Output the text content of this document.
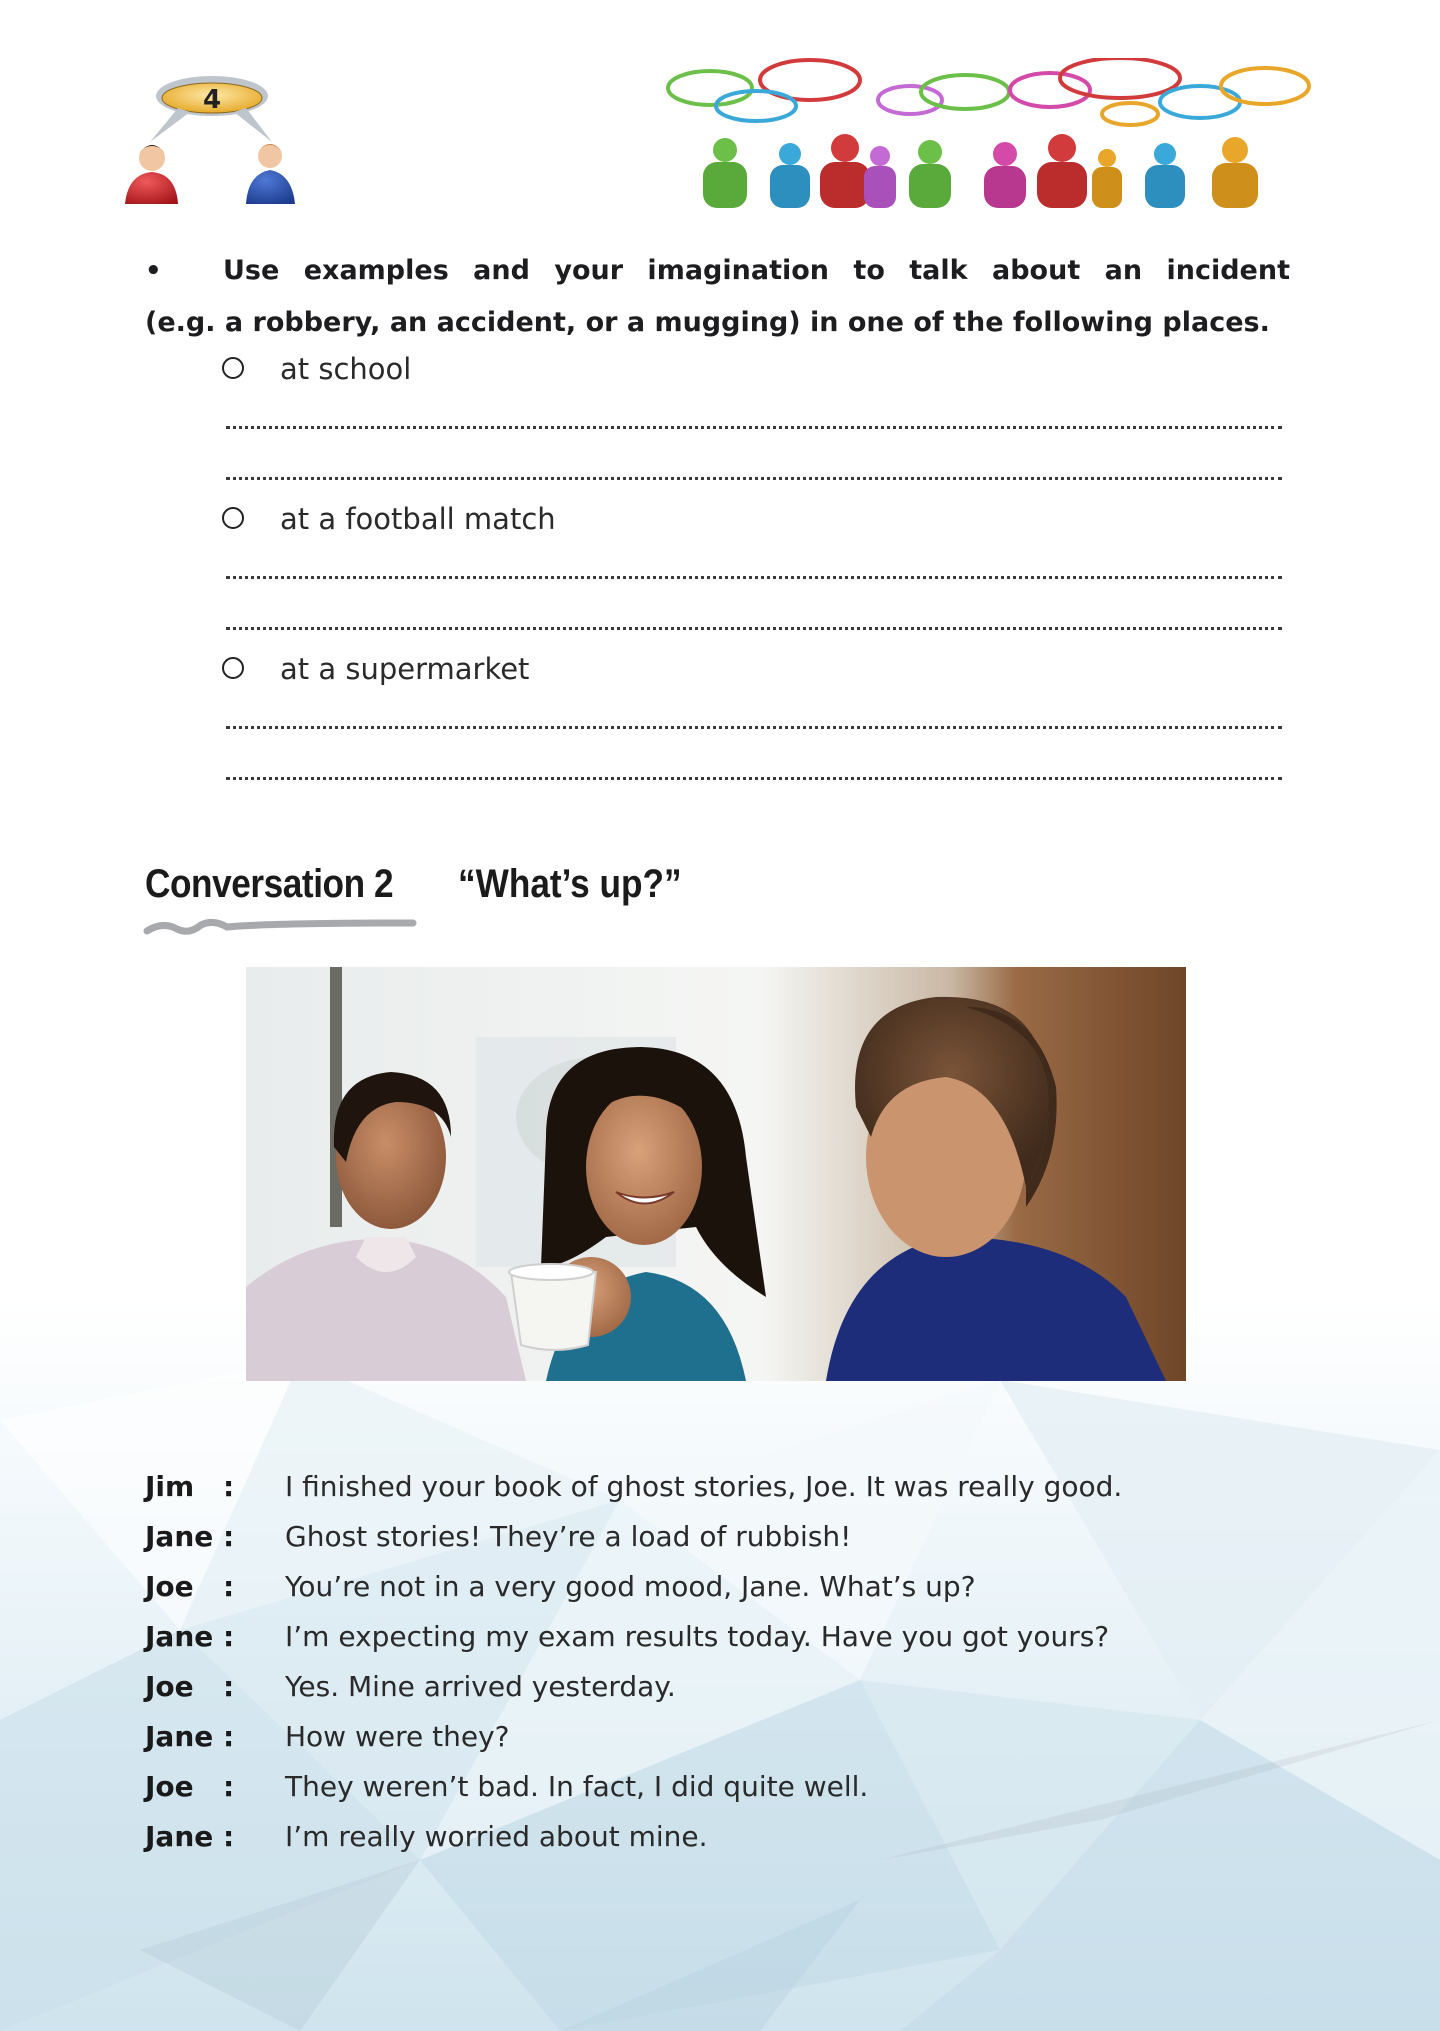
4
• Use examples and your imagination to talk about an incident
(e.g. a robbery, an accident, or a mugging) in one of the following places.
at school
at a football match
at a supermarket
Conversation 2 “What’s up?”
Jim : I finished your book of ghost stories, Joe. It was really good.
Jane : Ghost stories! They’re a load of rubbish!
Joe : You’re not in a very good mood, Jane. What’s up?
Jane : I’m expecting my exam results today. Have you got yours?
Joe : Yes. Mine arrived yesterday.
Jane : How were they?
Joe : They weren’t bad. In fact, I did quite well.
Jane : I’m really worried about mine.
